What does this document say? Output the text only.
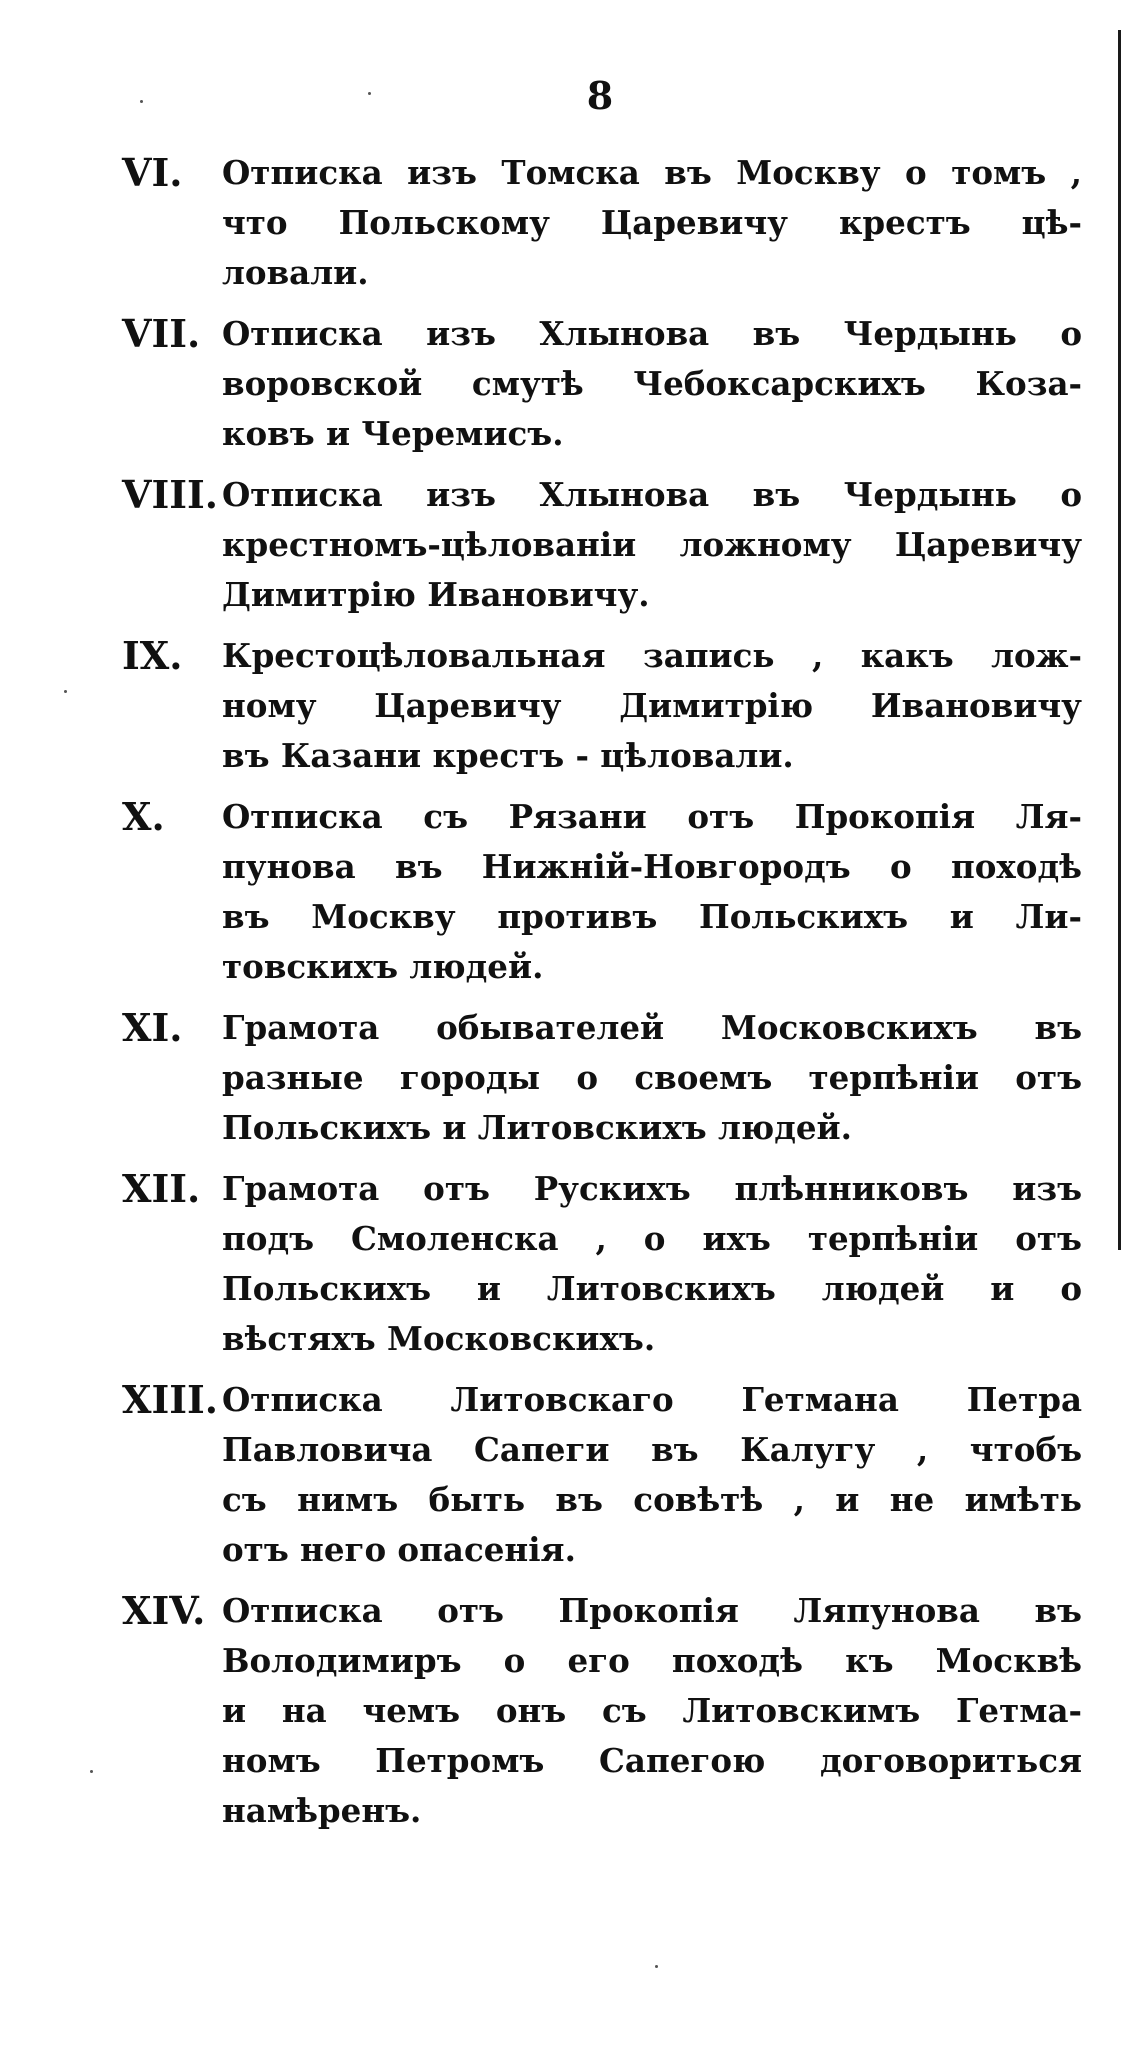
8
VI. Отписка изъ Томска въ Москву о томъ ,
что Польскому Царевичу крестъ цѣ-
ловали.
VII. Отписка изъ Хлынова въ Чердынь о
воровской смутѣ Чебоксарскихъ Коза-
ковъ и Черемисъ.
VIII. Отписка изъ Хлынова въ Чердынь о
крестномъ-цѣлованіи ложному Царевичу
Димитрію Ивановичу.
IX. Крестоцѣловальная запись , какъ лож-
ному Царевичу Димитрію Ивановичу
въ Казани крестъ - цѣловали.
X. Отписка съ Рязани отъ Прокопія Ля-
пунова въ Нижній-Новгородъ о походѣ
въ Москву противъ Польскихъ и Ли-
товскихъ людей.
XI. Грамота обывателей Московскихъ въ
разные городы о своемъ терпѣніи отъ
Польскихъ и Литовскихъ людей.
XII. Грамота отъ Рускихъ плѣнниковъ изъ
подъ Смоленска , о ихъ терпѣніи отъ
Польскихъ и Литовскихъ людей и о
вѣстяхъ Московскихъ.
XIII. Отписка Литовскаго Гетмана Петра
Павловича Сапеги въ Калугу , чтобъ
съ нимъ быть въ совѣтѣ , и не имѣть
отъ него опасенія.
XIV. Отписка отъ Прокопія Ляпунова въ
Володимиръ о его походѣ къ Москвѣ
и на чемъ онъ съ Литовскимъ Гетма-
номъ Петромъ Сапегою договориться
намѣренъ.
